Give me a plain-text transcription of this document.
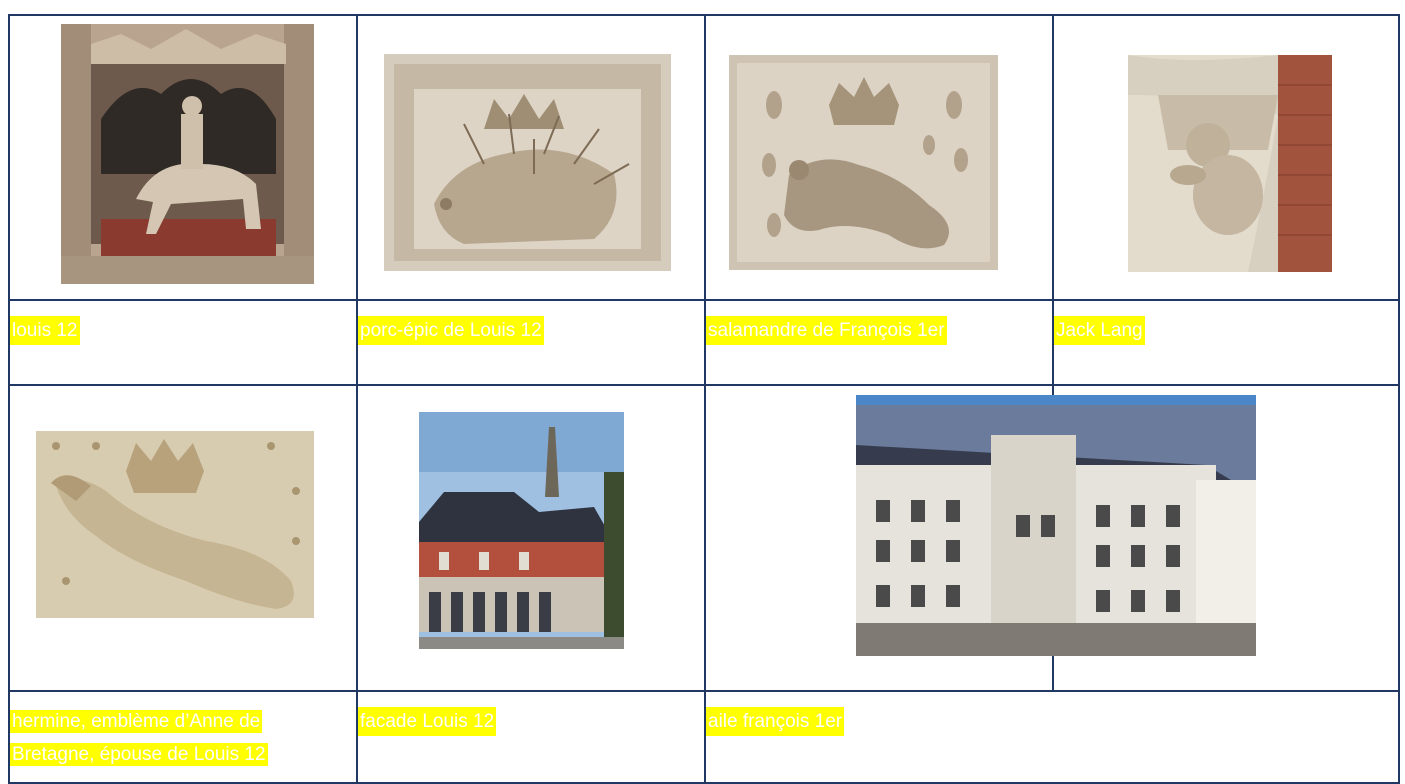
louis 12	porc-épic de Louis 12	salamandre de François 1er	Jack Lang
hermine, emblème d’Anne de
Bretagne, épouse de Louis 12
facade Louis 12	aile françois 1er
